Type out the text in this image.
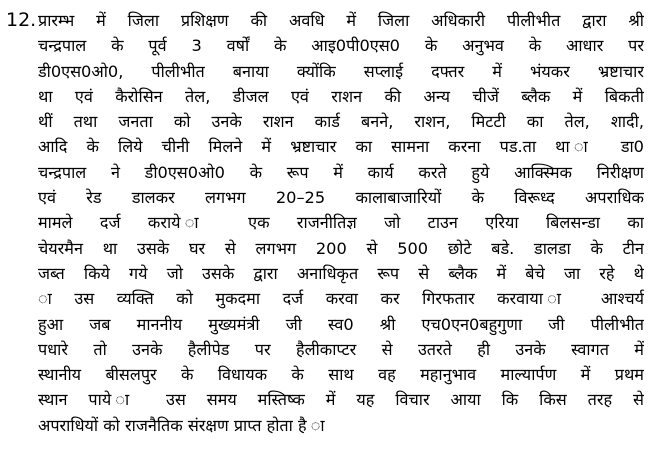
12. प्रारम्भ में जिला प्रशिक्षण की अवधि में जिला अधिकारी पीलीभीत द्वारा श्री
चन्द्रपाल के पूर्व 3 वर्षों के आइ0पी0एस0 के अनुभव के आधार पर
डी0एस0ओ0, पीलीभीत बनाया क्योंकि सप्लाई दफ्तर में भंयकर भ्रष्टाचार
था एवं कैरोसिन तेल, डीजल एवं राशन की अन्य चीजें ब्लैक में बिकती
थीं तथा जनता को उनके राशन कार्ड बनने, राशन, मिटटी का तेल, शादी,
आदि के लिये चीनी मिलने में भ्रष्टाचार का सामना करना पड.ता था ा डा0
चन्द्रपाल ने डी0एस0ओ0 के रूप में कार्य करते हुये आक्स्मिक निरीक्षण
एवं रेड डालकर लगभग 20–25 कालाबाजारियों के विरूध्द अपराधिक
मामले दर्ज कराये ा एक राजनीतिज्ञ जो टाउन एरिया बिलसन्डा का
चेयरमैन था उसके घर से लगभग 200 से 500 छोटे बडे. डालडा के टीन
जब्त किये गये जो उसके द्वारा अनाधिकृत रूप से ब्लैक में बेचे जा रहे थे
ा उस व्यक्ति को मुकदमा दर्ज करवा कर गिरफतार करवाया ा आश्चर्य
हुआ जब माननीय मुख्यमंत्री जी स्व0 श्री एच0एन0बहुगुणा जी पीलीभीत
पधारे तो उनके हैलीपेड पर हैलीकाप्टर से उतरते ही उनके स्वागत में
स्थानीय बीसलपुर के विधायक के साथ वह महानुभाव माल्यार्पण में प्रथम
स्थान पाये ा उस समय मस्तिष्क में यह विचार आया कि किस तरह से
अपराधियों को राजनैतिक संरक्षण प्राप्त होता है ा
